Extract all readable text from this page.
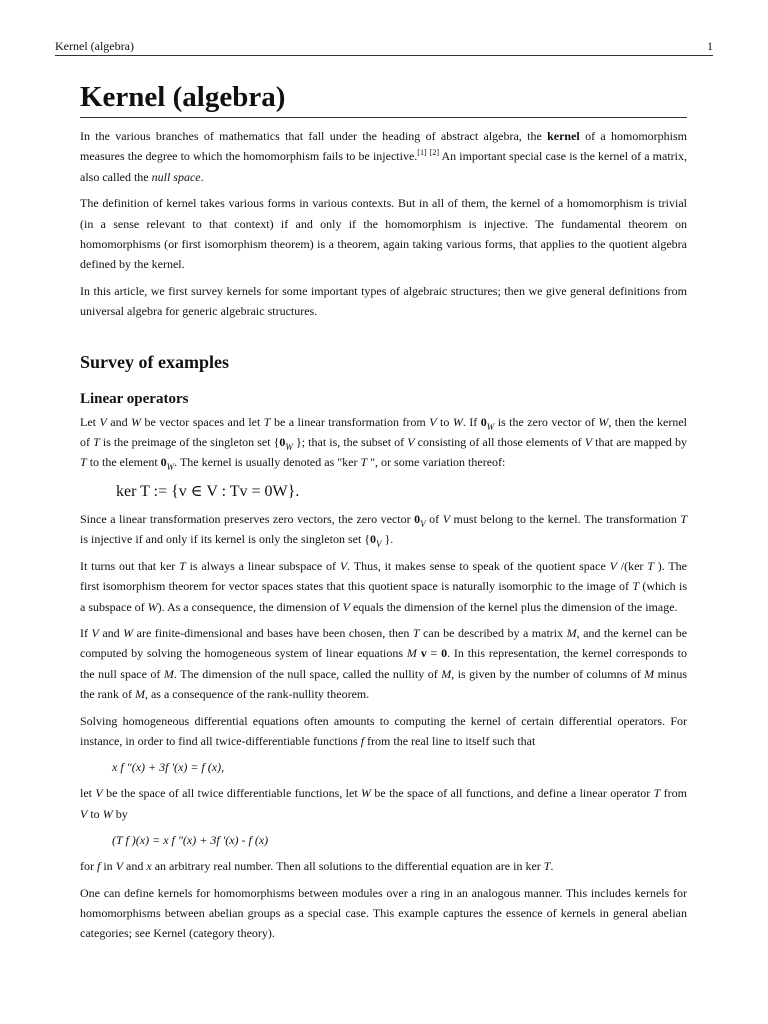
Kernel (algebra)	1
Kernel (algebra)

In the various branches of mathematics that fall under the heading of abstract algebra, the kernel of a homomorphism measures the degree to which the homomorphism fails to be injective.[1] [2] An important special case is the kernel of a matrix, also called the null space.

The definition of kernel takes various forms in various contexts. But in all of them, the kernel of a homomorphism is trivial (in a sense relevant to that context) if and only if the homomorphism is injective. The fundamental theorem on homomorphisms (or first isomorphism theorem) is a theorem, again taking various forms, that applies to the quotient algebra defined by the kernel.

In this article, we first survey kernels for some important types of algebraic structures; then we give general definitions from universal algebra for generic algebraic structures.

Survey of examples
Linear operators

Let V and W be vector spaces and let T be a linear transformation from V to W. If $0_W$ is the zero vector of W, then the kernel of T is the preimage of the singleton set {$0_W$ }; that is, the subset of V consisting of all those elements of V that are mapped by T to the element $0_W$. The kernel is usually denoted as "ker T ", or some variation thereof:

ker T := {v ∈ V : Tv = 0W}.

Since a linear transformation preserves zero vectors, the zero vector $0_V$ of V must belong to the kernel. The transformation T is injective if and only if its kernel is only the singleton set {$0_V$ }.

It turns out that ker T is always a linear subspace of V. Thus, it makes sense to speak of the quotient space V /(ker T ). The first isomorphism theorem for vector spaces states that this quotient space is naturally isomorphic to the image of T (which is a subspace of W). As a consequence, the dimension of V equals the dimension of the kernel plus the dimension of the image.

If V and W are finite-dimensional and bases have been chosen, then T can be described by a matrix M, and the kernel can be computed by solving the homogeneous system of linear equations M v = 0. In this representation, the kernel corresponds to the null space of M. The dimension of the null space, called the nullity of M, is given by the number of columns of M minus the rank of M, as a consequence of the rank-nullity theorem.

Solving homogeneous differential equations often amounts to computing the kernel of certain differential operators. For instance, in order to find all twice-differentiable functions f from the real line to itself such that

x f "(x) + 3f '(x) = f (x),

let V be the space of all twice differentiable functions, let W be the space of all functions, and define a linear operator T from V to W by

(T f )(x) = x f "(x) + 3f '(x) - f (x)

for f in V and x an arbitrary real number. Then all solutions to the differential equation are in ker T.

One can define kernels for homomorphisms between modules over a ring in an analogous manner. This includes kernels for homomorphisms between abelian groups as a special case. This example captures the essence of kernels in general abelian categories; see Kernel (category theory).
